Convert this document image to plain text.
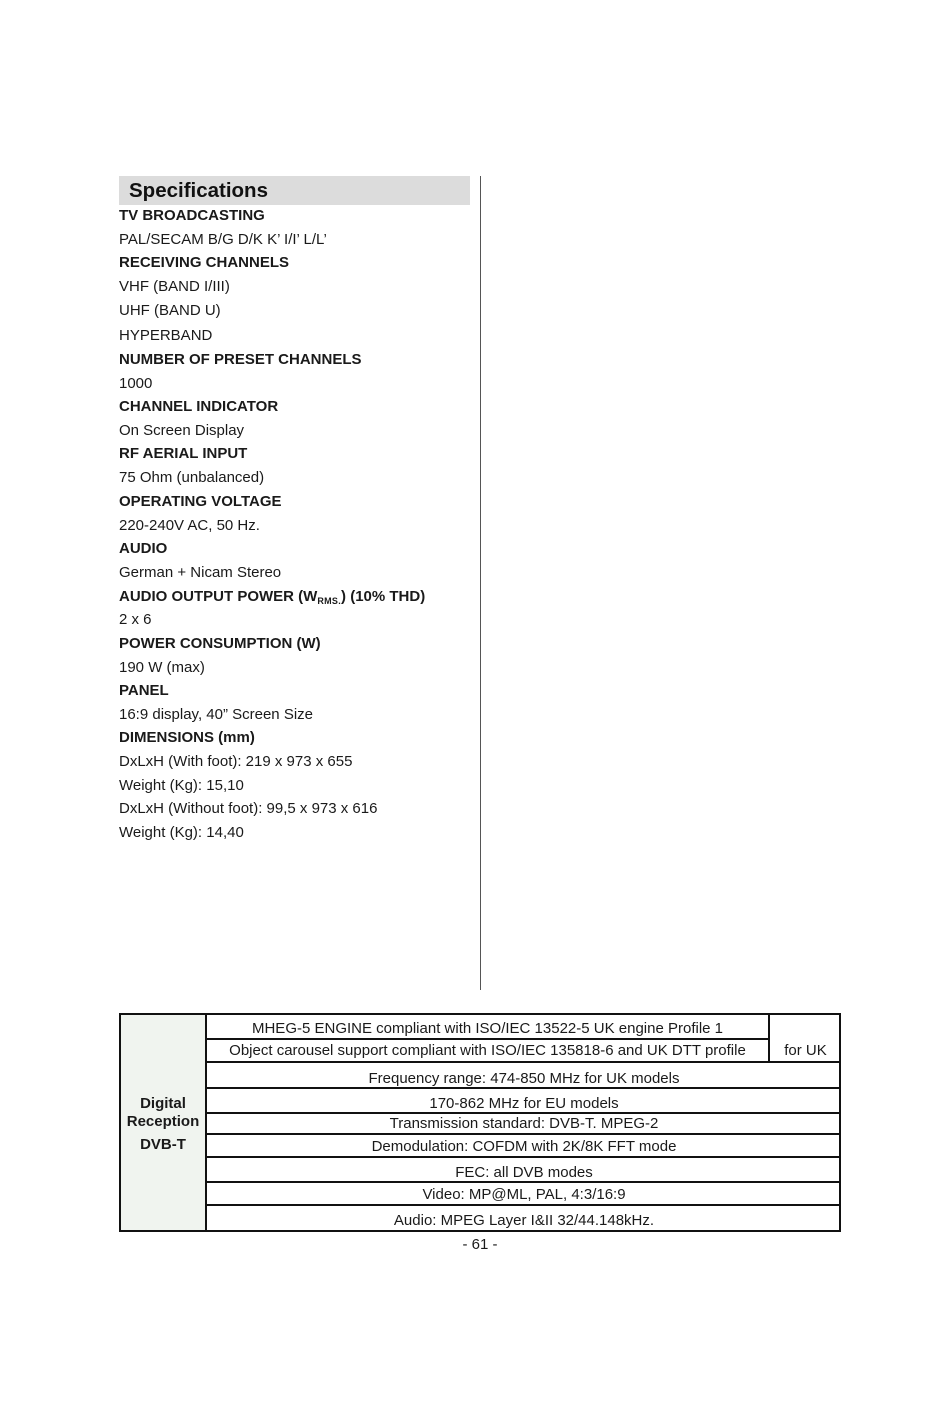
Specifications
TV BROADCASTING
PAL/SECAM B/G D/K K’ I/I’ L/L’
RECEIVING CHANNELS
VHF (BAND I/III)
UHF (BAND U)
HYPERBAND
NUMBER OF PRESET CHANNELS
1000
CHANNEL INDICATOR
On Screen Display
RF AERIAL INPUT
75 Ohm (unbalanced)
OPERATING VOLTAGE
220-240V AC, 50 Hz.
AUDIO
German + Nicam Stereo
AUDIO OUTPUT POWER $(W_{RMS.})$ (10% THD)
2 x 6
POWER CONSUMPTION (W)
190 W (max)
PANEL
16:9 display, 40” Screen Size
DIMENSIONS (mm)
DxLxH (With foot): 219 x 973 x 655
Weight (Kg): 15,10
DxLxH (Without foot): 99,5 x 973 x 616
Weight (Kg): 14,40
Digital
Reception
DVB-T
for UK
MHEG-5 ENGINE compliant with ISO/IEC 13522-5 UK engine Profile 1
Object carousel support compliant with ISO/IEC 135818-6 and UK DTT profile
Frequency range: 474-850 MHz for UK models
170-862 MHz for EU models
Transmission standard: DVB-T. MPEG-2
Demodulation: COFDM with 2K/8K FFT mode
FEC: all DVB modes
Video: MP@ML, PAL, 4:3/16:9
Audio: MPEG Layer I&II 32/44.148kHz.
- 61 -
